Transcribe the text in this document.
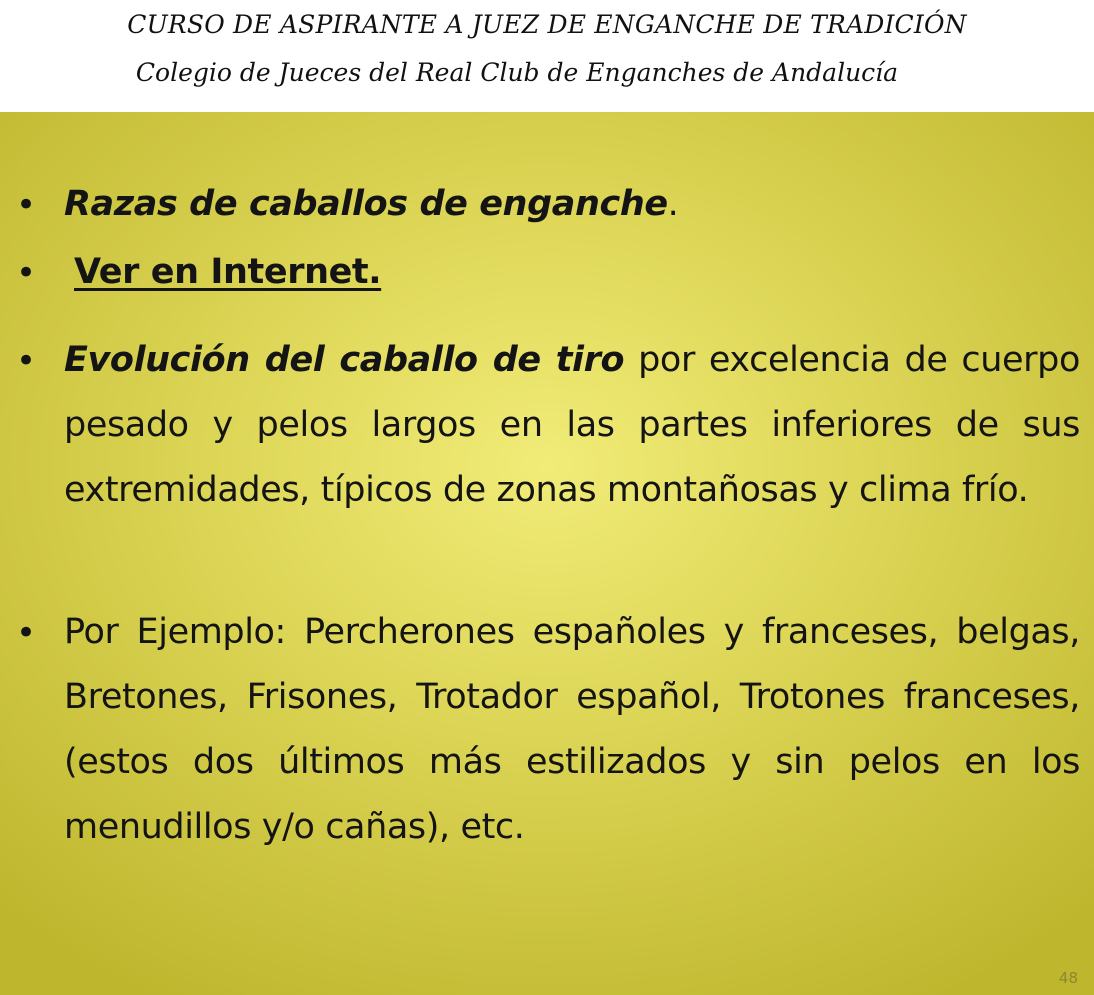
CURSO DE ASPIRANTE A JUEZ DE ENGANCHE DE TRADICIÓN
Colegio de Jueces del Real Club de Enganches de Andalucía
• Razas de caballos de enganche.
• Ver en Internet.
• Evolución del caballo de tiro por excelencia de cuerpo pesado y pelos largos en las partes inferiores de sus extremidades, típicos de zonas montañosas y clima frío.
• Por Ejemplo: Percherones españoles y franceses, belgas, Bretones, Frisones, Trotador español, Trotones franceses, (estos dos últimos más estilizados y sin pelos en los menudillos y/o cañas), etc.
48
